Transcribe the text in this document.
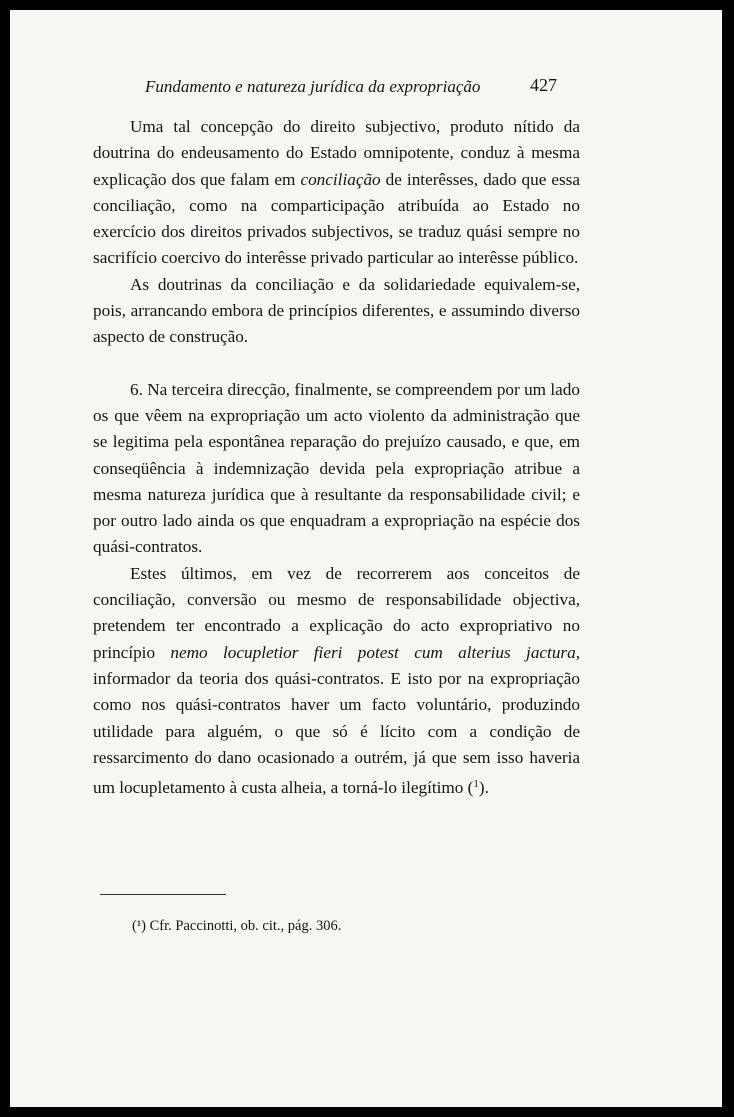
Fundamento e natureza jurídica da expropriação	427

Uma tal concepção do direito subjectivo, produto nítido da doutrina do endeusamento do Estado omnipotente, conduz à mesma explicação dos que falam em conciliação de interêsses, dado que essa conciliação, como na comparticipação atribuída ao Estado no exercício dos direitos privados subjectivos, se traduz quási sempre no sacrifício coercivo do interêsse privado particular ao interêsse público.

As doutrinas da conciliação e da solidariedade equivalem-se, pois, arrancando embora de princípios diferentes, e assumindo diverso aspecto de construção.

6. Na terceira direcção, finalmente, se compreendem por um lado os que vêem na expropriação um acto violento da administração que se legitima pela espontânea reparação do prejuízo causado, e que, em conseqüência à indemnização devida pela expropriação atribue a mesma natureza jurídica que à resultante da responsabilidade civil; e por outro lado ainda os que enquadram a expropriação na espécie dos quási-contratos.

Estes últimos, em vez de recorrerem aos conceitos de conciliação, conversão ou mesmo de responsabilidade objectiva, pretendem ter encontrado a explicação do acto expropriativo no princípio nemo locupletior fieri potest cum alterius jactura, informador da teoria dos quási-contratos. E isto por na expropriação como nos quási-contratos haver um facto voluntário, produzindo utilidade para alguém, o que só é lícito com a condição de ressarcimento do dano ocasionado a outrém, já que sem isso haveria um locupletamento à custa alheia, a torná-lo ilegítimo ($^1$).

(¹) Cfr. Paccinotti, ob. cit., pág. 306.
